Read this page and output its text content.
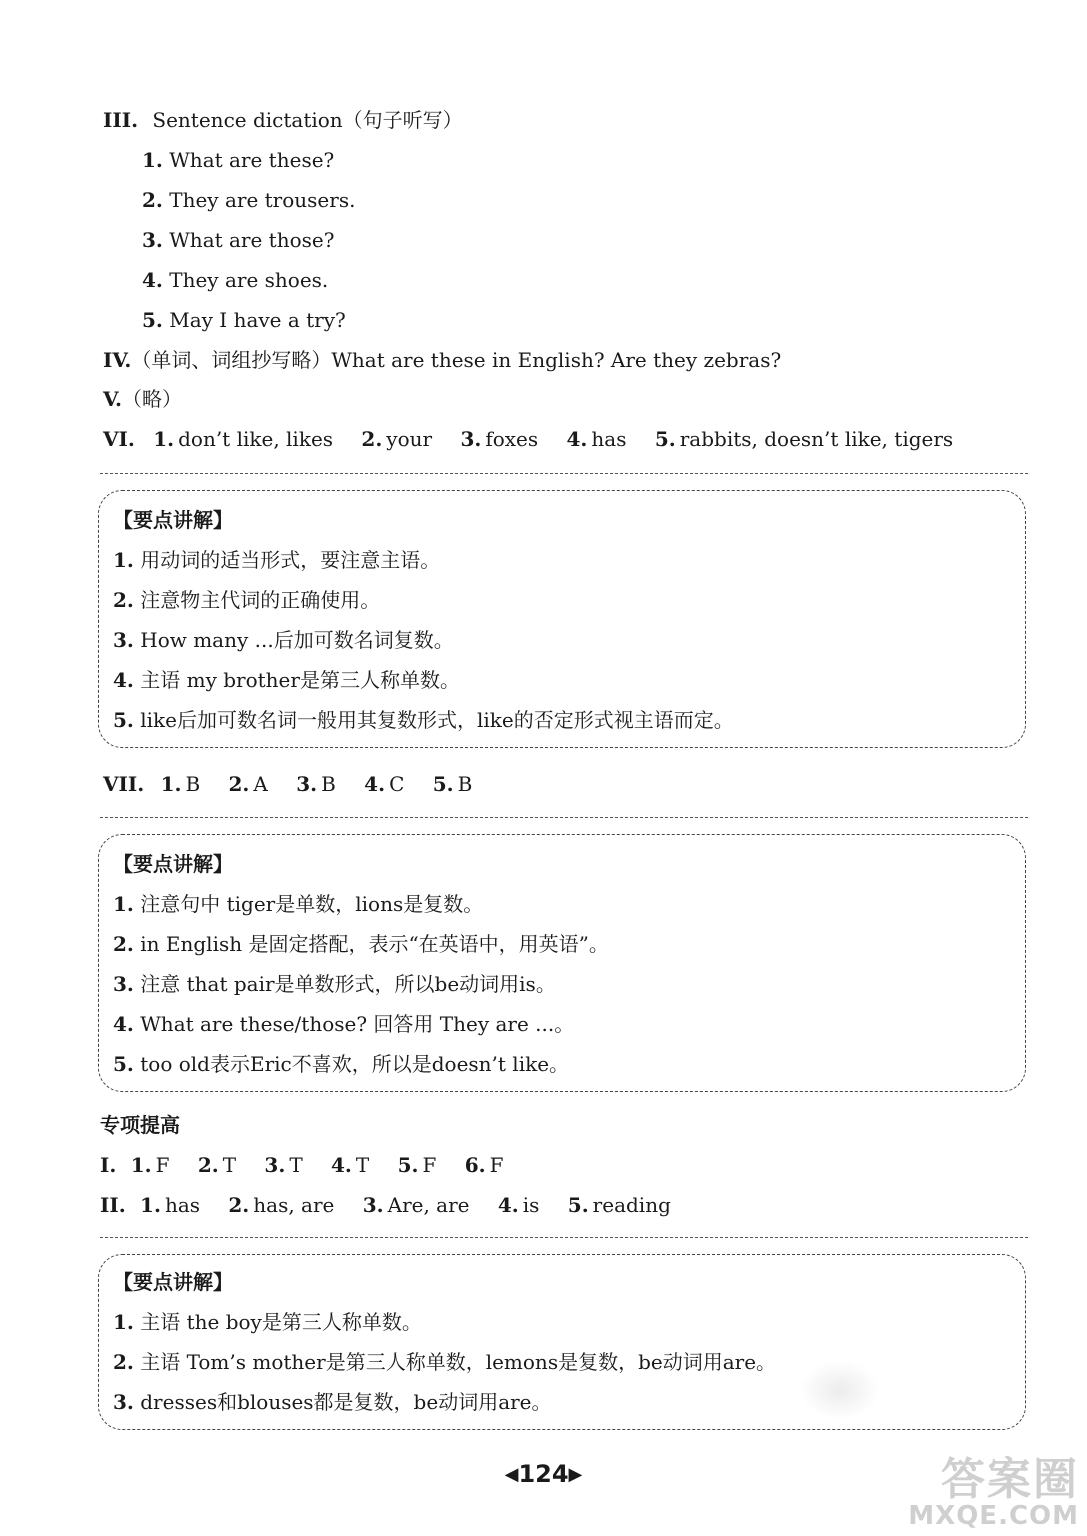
III. Sentence dictation（句子听写）
1. What are these?
2. They are trousers.
3. What are those?
4. They are shoes.
5. May I have a try?
IV.（单词、词组抄写略）What are these in English? Are they zebras?
V.（略）
VI. 1. don’t like, likes 2. your 3. foxes 4. has 5. rabbits, doesn’t like, tigers
【要点讲解】
1. 用动词的适当形式，要注意主语。
2. 注意物主代词的正确使用。
3. How many ...后加可数名词复数。
4. 主语 my brother是第三人称单数。
5. like后加可数名词一般用其复数形式，like的否定形式视主语而定。
VII. 1. B 2. A 3. B 4. C 5. B
【要点讲解】
1. 注意句中 tiger是单数，lions是复数。
2. in English 是固定搭配，表示“在英语中，用英语”。
3. 注意 that pair是单数形式，所以be动词用is。
4. What are these/those? 回答用 They are ...。
5. too old表示Eric不喜欢，所以是doesn’t like。
专项提高
I. 1. F 2. T 3. T 4. T 5. F 6. F
II. 1. has 2. has, are 3. Are, are 4. is 5. reading
【要点讲解】
1. 主语 the boy是第三人称单数。
2. 主语 Tom’s mother是第三人称单数，lemons是复数，be动词用are。
3. dresses和blouses都是复数，be动词用are。
◀124▶	答案圈
MXQE.COM
